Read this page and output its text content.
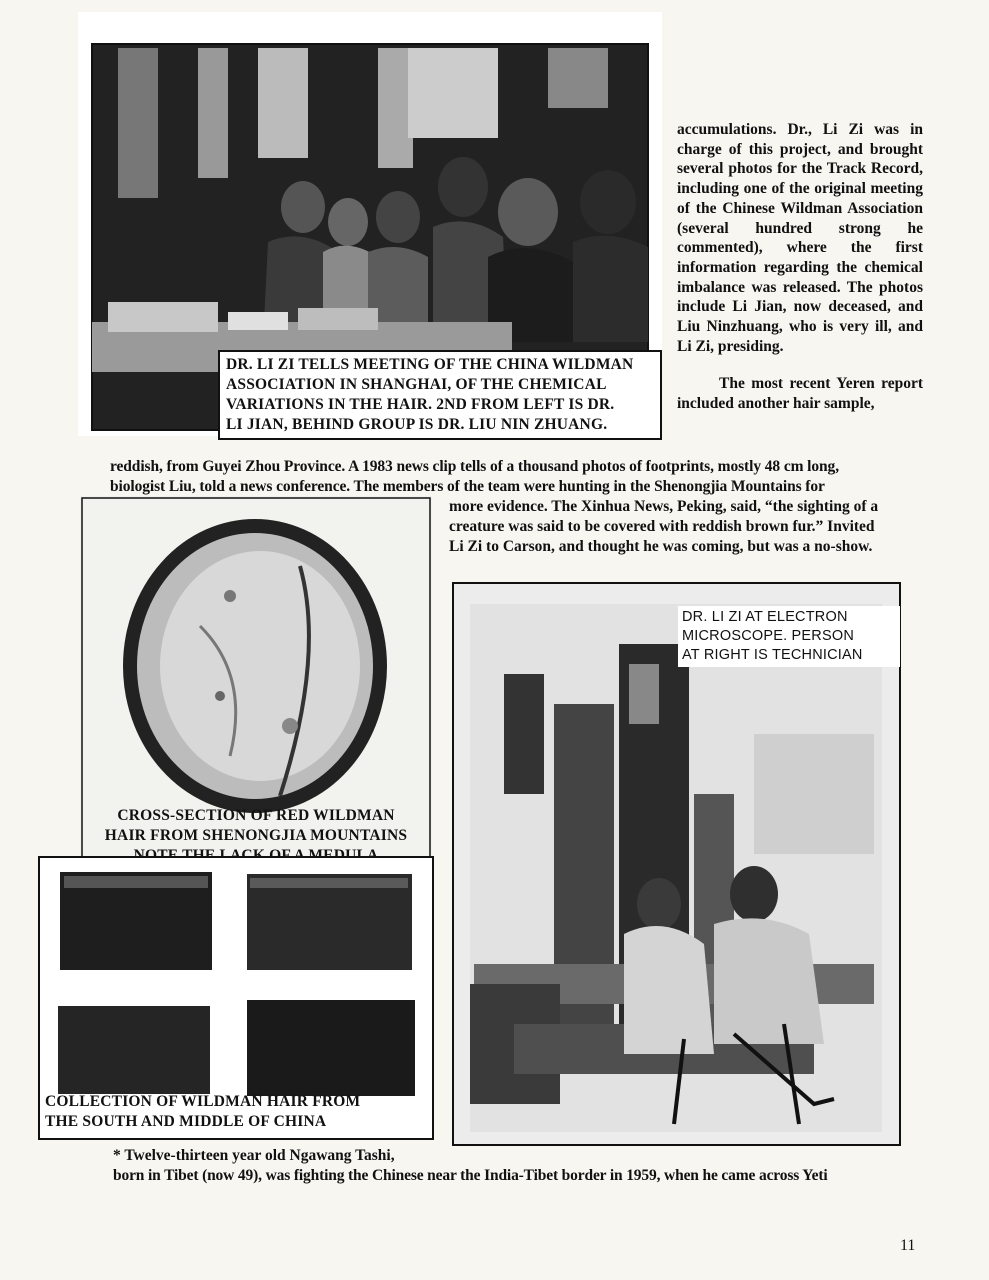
DR. LI ZI TELLS MEETING OF THE CHINA WILDMAN
ASSOCIATION IN SHANGHAI, OF THE CHEMICAL
VARIATIONS IN THE HAIR. 2ND FROM LEFT IS DR.
LI JIAN, BEHIND GROUP IS DR. LIU NIN ZHUANG.

accumulations. Dr., Li Zi was in charge of this project, and brought several photos for the Track Record, including one of the original meeting of the Chinese Wildman Association (several hundred strong he commented), where the first information regarding the chemical imbalance was released. The photos include Li Jian, now deceased, and Liu Ninzhuang, who is very ill, and Li Zi, presiding.

The most recent Yeren report included another hair sample,

reddish, from Guyei Zhou Province. A 1983 news clip tells of a thousand photos of footprints, mostly 48 cm long,
biologist Liu, told a news conference. The members of the team were hunting in the Shenongjia Mountains for
more evidence. The Xinhua News, Peking, said, “the sighting of a
creature was said to be covered with reddish brown fur.” Invited
Li Zi to Carson, and thought he was coming, but was a no-show.
CROSS-SECTION OF RED WILDMAN
HAIR FROM SHENONGJIA MOUNTAINS
COLLECTION OF WILDMAN HAIR FROM
THE SOUTH AND MIDDLE OF CHINA
DR. LI ZI AT ELECTRON
MICROSCOPE. PERSON
AT RIGHT IS TECHNICIAN
* Twelve-thirteen year old Ngawang Tashi,
born in Tibet (now 49), was fighting the Chinese near the India-Tibet border in 1959, when he came across Yeti
11
